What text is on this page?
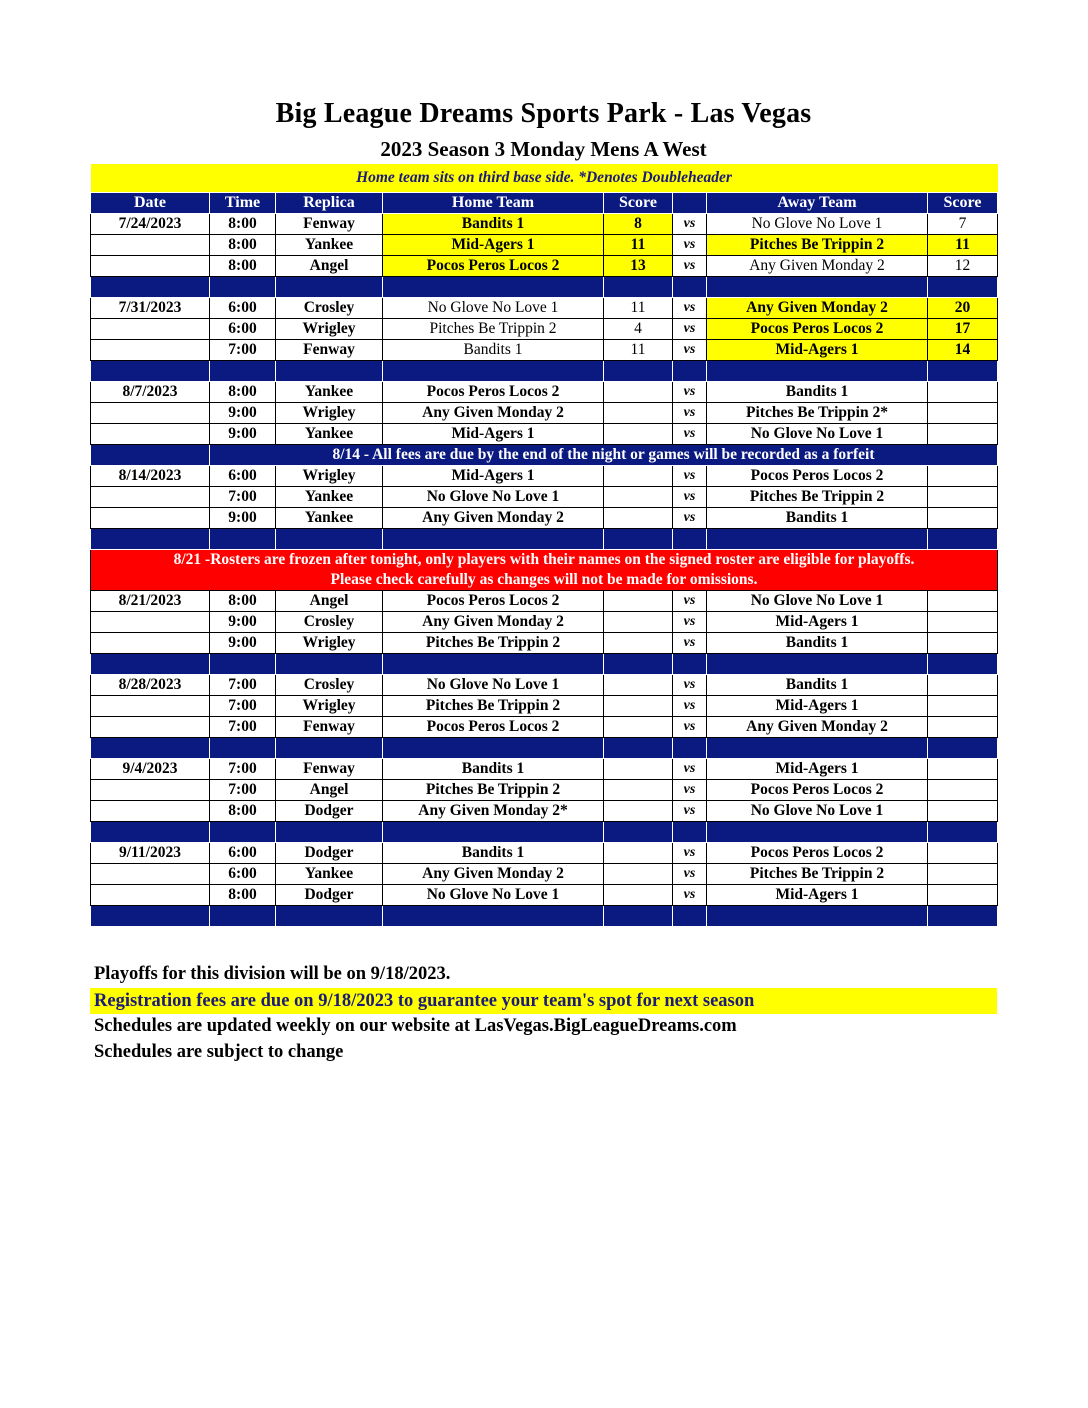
Big League Dreams Sports Park - Las Vegas
2023 Season 3 Monday Mens A West
Home team sits on third base side. *Denotes Doubleheader							
Date	Time	Replica	Home Team	Score		Away Team	Score
7/24/2023	8:00	Fenway	Bandits 1	8	vs	No Glove No Love 1	7
	8:00	Yankee	Mid-Agers 1	11	vs	Pitches Be Trippin 2	11
	8:00	Angel	Pocos Peros Locos 2	13	vs	Any Given Monday 2	12

7/31/2023	6:00	Crosley	No Glove No Love 1	11	vs	Any Given Monday 2	20
	6:00	Wrigley	Pitches Be Trippin 2	4	vs	Pocos Peros Locos 2	17
	7:00	Fenway	Bandits 1	11	vs	Mid-Agers 1	14

8/7/2023	8:00	Yankee	Pocos Peros Locos 2		vs	Bandits 1	
	9:00	Wrigley	Any Given Monday 2		vs	Pitches Be Trippin 2*	
	9:00	Yankee	Mid-Agers 1		vs	No Glove No Love 1	
	8/14 - All fees are due by the end of the night or games will be recorded as a forfeit						
8/14/2023	6:00	Wrigley	Mid-Agers 1		vs	Pocos Peros Locos 2	
	7:00	Yankee	No Glove No Love 1		vs	Pitches Be Trippin 2	
	9:00	Yankee	Any Given Monday 2		vs	Bandits 1	

8/21 -Rosters are frozen after tonight, only players with their names on the signed roster are eligible for playoffs.
Please check carefully as changes will not be made for omissions.							

8/21/2023	8:00	Angel	Pocos Peros Locos 2		vs	No Glove No Love 1	
	9:00	Crosley	Any Given Monday 2		vs	Mid-Agers 1	
	9:00	Wrigley	Pitches Be Trippin 2		vs	Bandits 1	

8/28/2023	7:00	Crosley	No Glove No Love 1		vs	Bandits 1	
	7:00	Wrigley	Pitches Be Trippin 2		vs	Mid-Agers 1	
	7:00	Fenway	Pocos Peros Locos 2		vs	Any Given Monday 2	

9/4/2023	7:00	Fenway	Bandits 1		vs	Mid-Agers 1	
	7:00	Angel	Pitches Be Trippin 2		vs	Pocos Peros Locos 2	
	8:00	Dodger	Any Given Monday 2*		vs	No Glove No Love 1	

9/11/2023	6:00	Dodger	Bandits 1		vs	Pocos Peros Locos 2	
	6:00	Yankee	Any Given Monday 2		vs	Pitches Be Trippin 2	
	8:00	Dodger	No Glove No Love 1		vs	Mid-Agers 1	

Playoffs for this division will be on 9/18/2023.
Registration fees are due on 9/18/2023 to guarantee your team's spot for next season
Schedules are updated weekly on our website at LasVegas.BigLeagueDreams.com
Schedules are subject to change
